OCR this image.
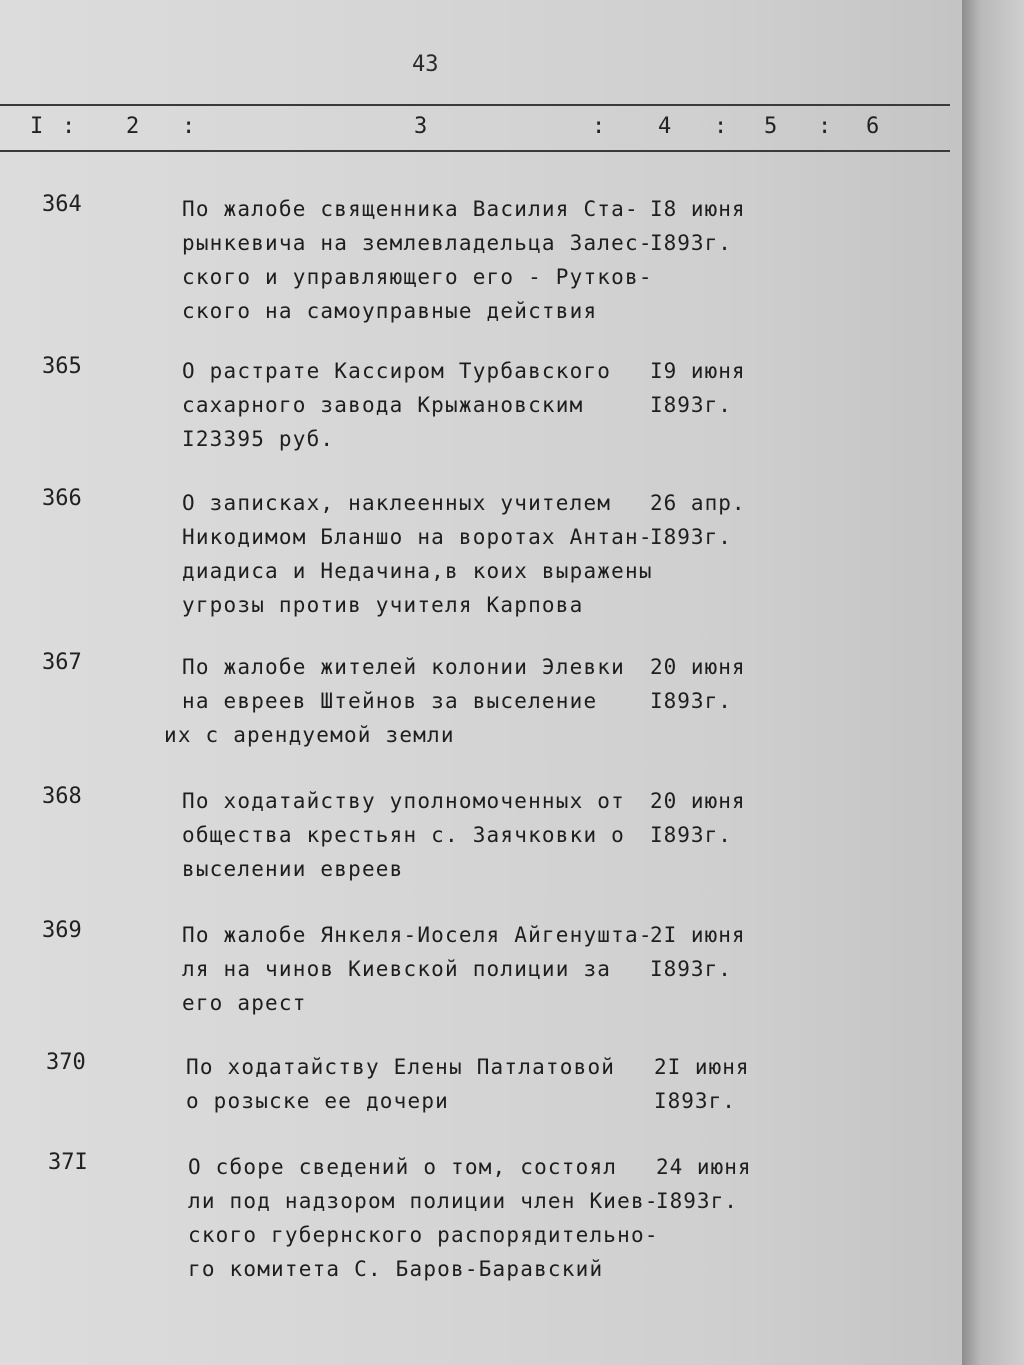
43
I : 2 :	3	: 4 : 5 : 6
364	По жалобе священника Василия Ста-
рынкевича на землевладельца Залес-
ского и управляющего его - Рутков-
ского на самоуправные действия
I8 июня
I893г.
365	О растрате Кассиром Турбавского
сахарного завода Крыжановским
I23395 руб.
I9 июня
I893г.
366	О записках, наклеенных учителем
Никодимом Бланшо на воротах Антан-
диадиса и Недачина,в коих выражены
угрозы против учителя Карпова
26 апр.
I893г.
367	По жалобе жителей колонии Элевки
на евреев Штейнов за выселение
их с арендуемой земли
20 июня
I893г.
368	По ходатайству уполномоченных от
общества крестьян с. Заячковки о
выселении евреев
20 июня
I893г.
369	По жалобе Янкеля-Иоселя Айгенушта-
ля на чинов Киевской полиции за
его арест
2I июня
I893г.
370	По ходатайству Елены Патлатовой
о розыске ее дочери
2I июня
I893г.
37I	О сборе сведений о том, состоял
ли под надзором полиции член Киев-
ского губернского распорядительно-
го комитета С. Баров-Баравский
24 июня
I893г.
